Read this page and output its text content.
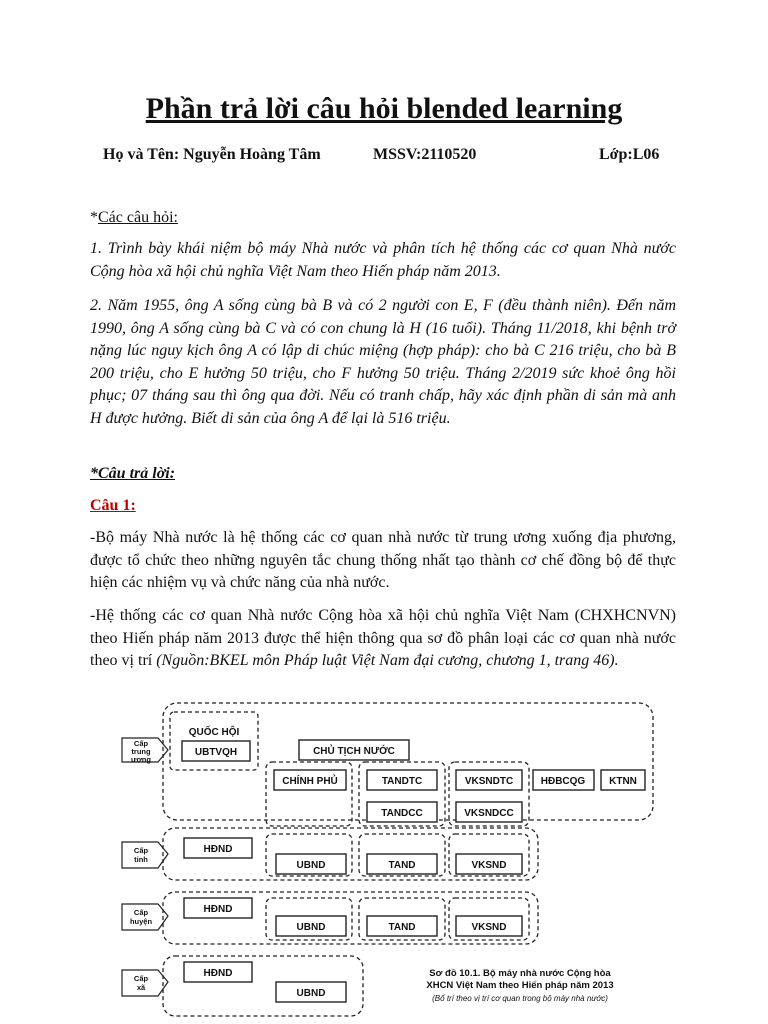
Phần trả lời câu hỏi blended learning
Họ và Tên: Nguyễn Hoàng Tâm	MSSV:2110520	Lớp:L06

*Các câu hỏi:

1. Trình bày khái niệm bộ máy Nhà nước và phân tích hệ thống các cơ quan Nhà nước Cộng hòa xã hội chủ nghĩa Việt Nam theo Hiến pháp năm 2013.

2. Năm 1955, ông A sống cùng bà B và có 2 người con E, F (đều thành niên). Đến năm 1990, ông A sống cùng bà C và có con chung là H (16 tuổi). Tháng 11/2018, khi bệnh trở nặng lúc nguy kịch ông A có lập di chúc miệng (hợp pháp): cho bà C 216 triệu, cho bà B 200 triệu, cho E hưởng 50 triệu, cho F hưởng 50 triệu. Tháng 2/2019 sức khoẻ ông hồi phục; 07 tháng sau thì ông qua đời. Nếu có tranh chấp, hãy xác định phần di sản mà anh H được hưởng. Biết di sản của ông A để lại là 516 triệu.

*Câu trả lời:

Câu 1:

-Bộ máy Nhà nước là hệ thống các cơ quan nhà nước từ trung ương xuống địa phương, được tổ chức theo những nguyên tắc chung thống nhất tạo thành cơ chế đồng bộ để thực hiện các nhiệm vụ và chức năng của nhà nước.

-Hệ thống các cơ quan Nhà nước Cộng hòa xã hội chủ nghĩa Việt Nam (CHXHCNVN) theo Hiến pháp năm 2013 được thể hiện thông qua sơ đồ phân loại các cơ quan nhà nước theo vị trí (Nguồn:BKEL môn Pháp luật Việt Nam đại cương, chương 1, trang 46).

QUỐC HỘI
UBTVQH	CHỦ TỊCH NƯỚC
CHÍNH PHỦ	TANDTC	VKSNDTC	HĐBCQG KTNN
TANDCC	VKSNDCC
HĐND
UBND	TAND	VKSND
HĐND
UBND	TAND	VKSND
HĐND
UBND
Cấp
trung
ương
Cấp
tỉnh
Cấp
huyện
Cấp
xã
Sơ đồ 10.1. Bộ máy nhà nước Cộng hòa
XHCN Việt Nam theo Hiến pháp năm 2013
(Bố trí theo vị trí cơ quan trong bộ máy nhà nước)
